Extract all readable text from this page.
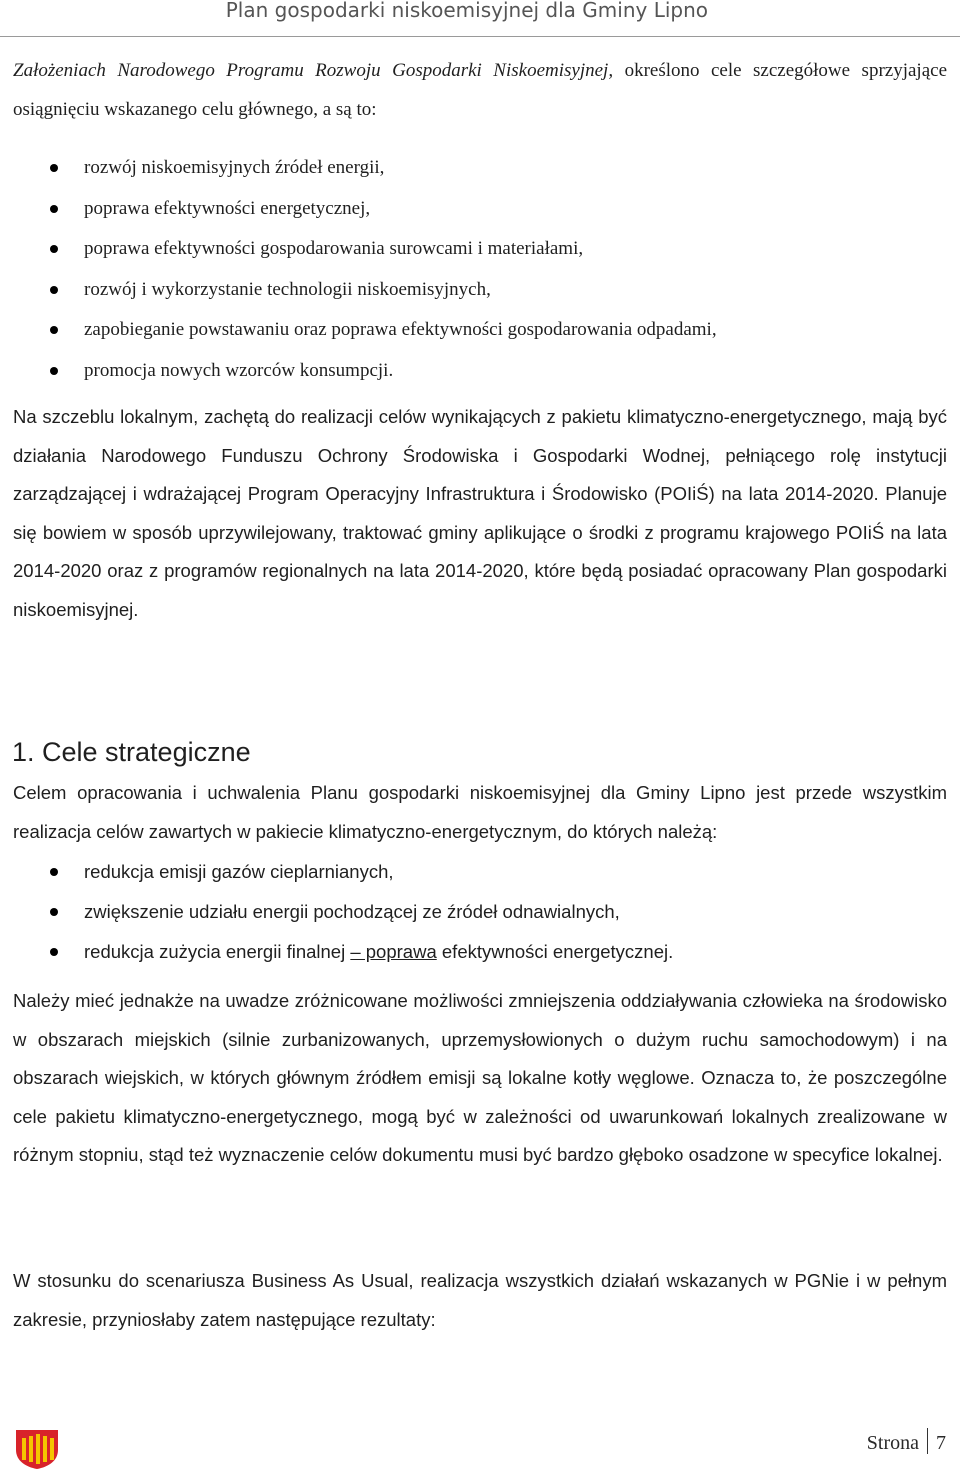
Plan gospodarki niskoemisyjnej dla Gminy Lipno

Założeniach Narodowego Programu Rozwoju Gospodarki Niskoemisyjnej, określono cele szczegółowe sprzyjające osiągnięciu wskazanego celu głównego, a są to:

rozwój niskoemisyjnych źródeł energii,
poprawa efektywności energetycznej,
poprawa efektywności gospodarowania surowcami i materiałami,
rozwój i wykorzystanie technologii niskoemisyjnych,
zapobieganie powstawaniu oraz poprawa efektywności gospodarowania odpadami,
promocja nowych wzorców konsumpcji.

Na szczeblu lokalnym, zachętą do realizacji celów wynikających z pakietu klimatyczno-energetycznego, mają być działania Narodowego Funduszu Ochrony Środowiska i Gospodarki Wodnej, pełniącego rolę instytucji zarządzającej i wdrażającej Program Operacyjny Infrastruktura i Środowisko (POIiŚ) na lata 2014-2020. Planuje się bowiem w sposób uprzywilejowany, traktować gminy aplikujące o środki z programu krajowego POIiŚ na lata 2014-2020 oraz z programów regionalnych na lata 2014-2020, które będą posiadać opracowany Plan gospodarki niskoemisyjnej.

1. Cele strategiczne

Celem opracowania i uchwalenia Planu gospodarki niskoemisyjnej dla Gminy Lipno jest przede wszystkim realizacja celów zawartych w pakiecie klimatyczno-energetycznym, do których należą:

redukcja emisji gazów cieplarnianych,
zwiększenie udziału energii pochodzącej ze źródeł odnawialnych,
redukcja zużycia energii finalnej – poprawa efektywności energetycznej.

Należy mieć jednakże na uwadze zróżnicowane możliwości zmniejszenia oddziaływania człowieka na środowisko w obszarach miejskich (silnie zurbanizowanych, uprzemysłowionych o dużym ruchu samochodowym) i na obszarach wiejskich, w których głównym źródłem emisji są lokalne kotły węglowe. Oznacza to, że poszczególne cele pakietu klimatyczno-energetycznego, mogą być w zależności od uwarunkowań lokalnych zrealizowane w różnym stopniu, stąd też wyznaczenie celów dokumentu musi być bardzo głęboko osadzone w specyfice lokalnej.

W stosunku do scenariusza Business As Usual, realizacja wszystkich działań wskazanych w PGNie i w pełnym zakresie, przyniosłaby zatem następujące rezultaty:

Strona 7
